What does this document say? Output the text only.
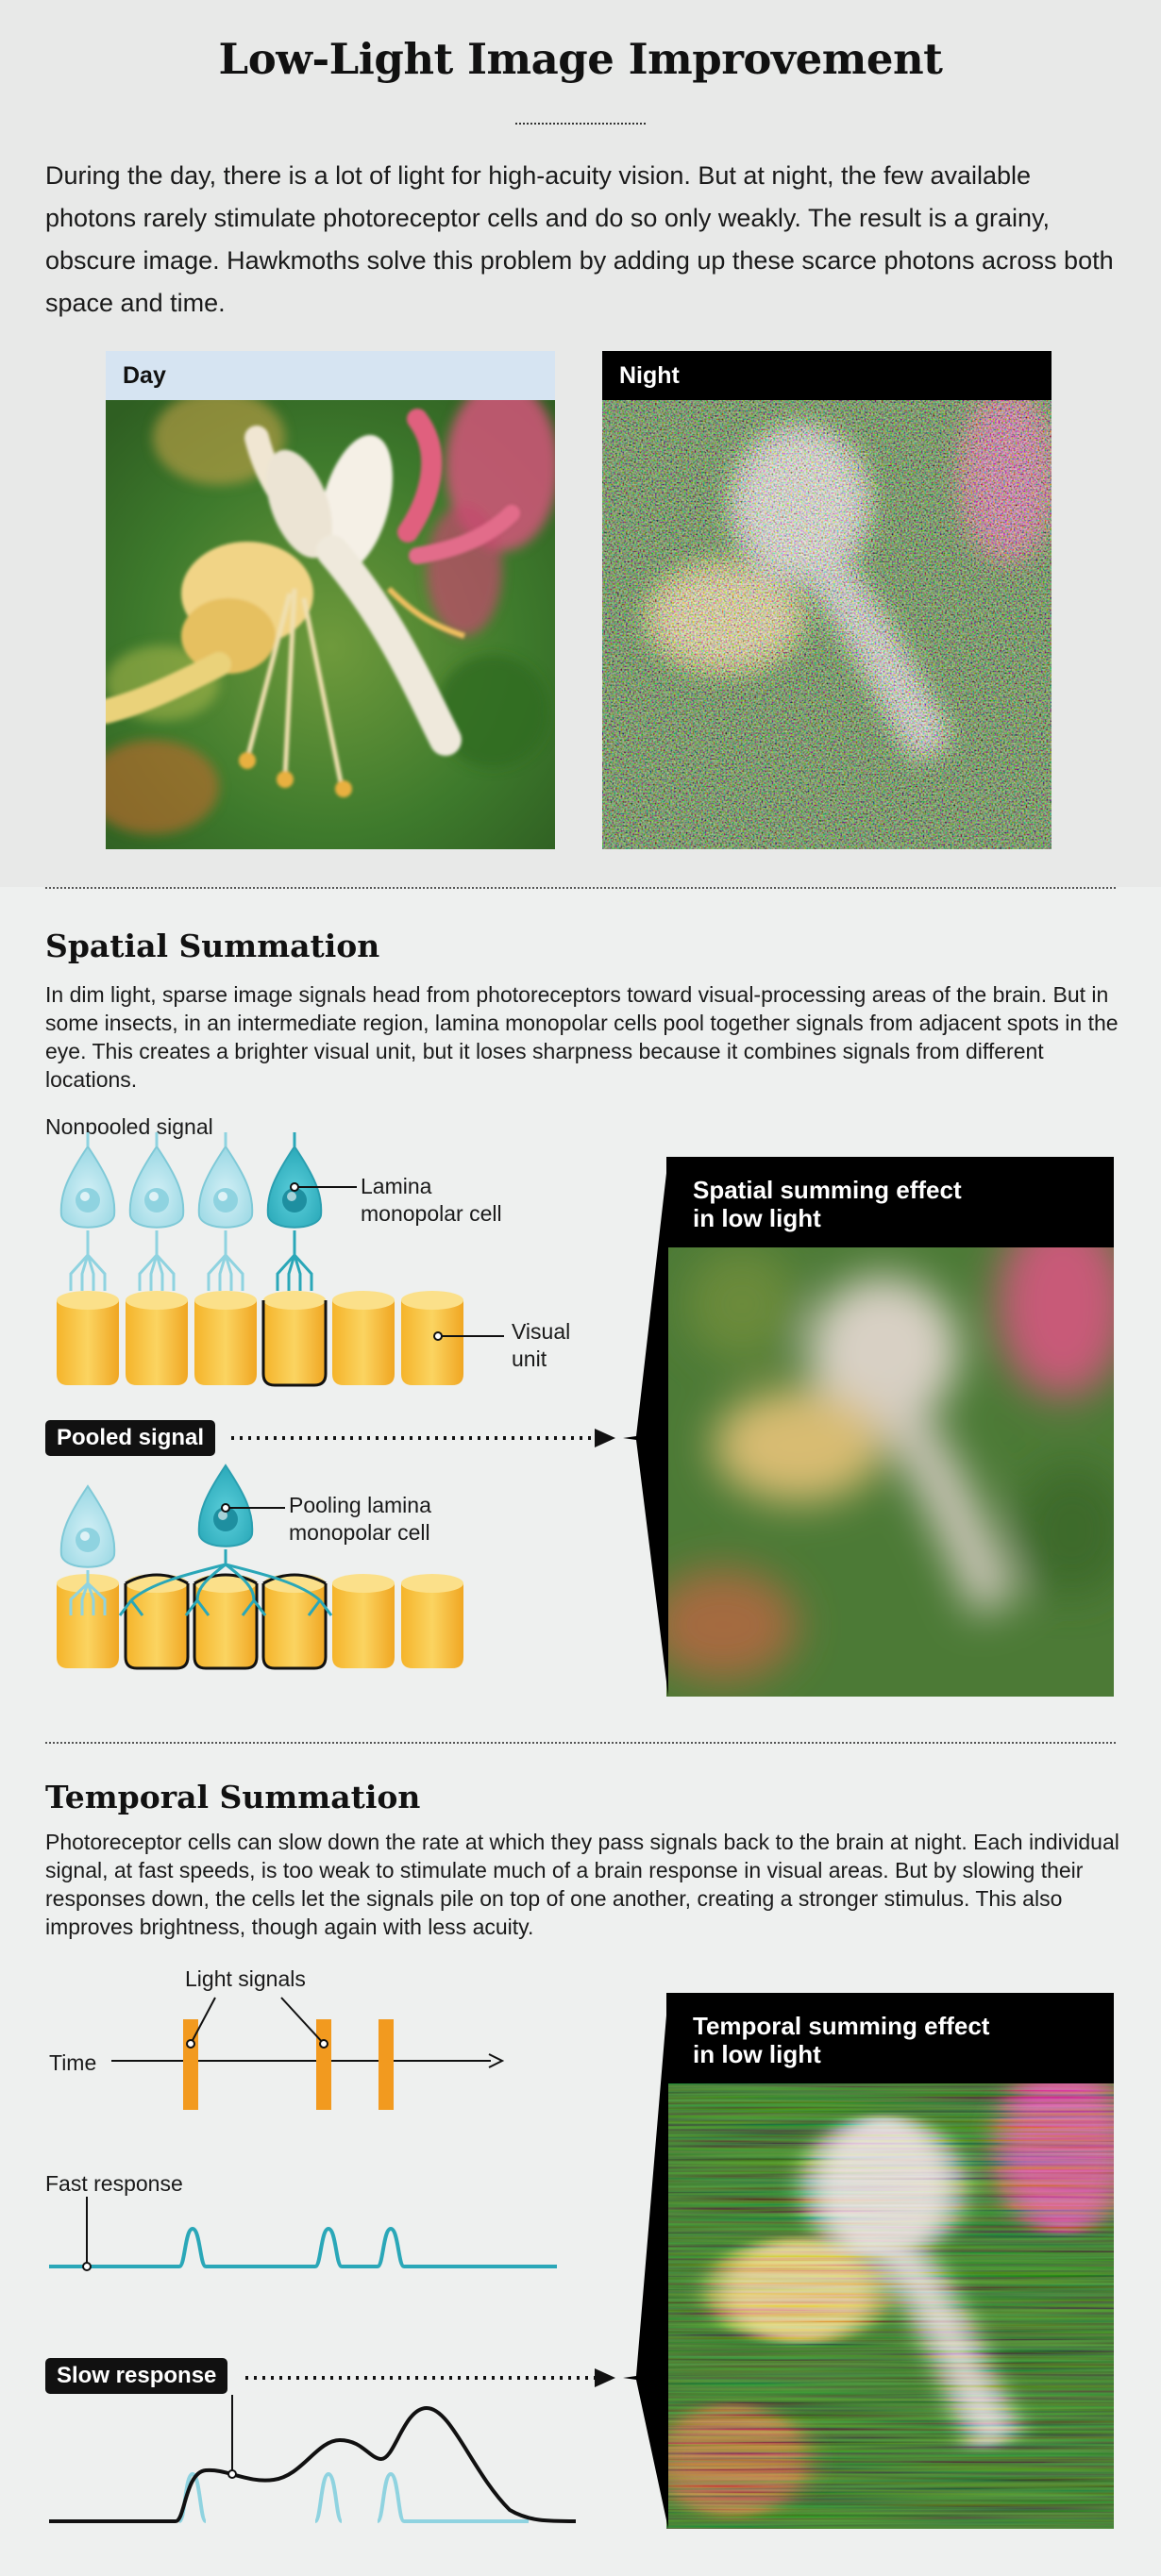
Low-Light Image Improvement
During the day, there is a lot of light for high-acuity vision. But at night, the few available photons rarely stimulate photoreceptor cells and do so only weakly. The result is a grainy, obscure image. Hawkmoths solve this problem by adding up these scarce photons across both space and time.
Day	Night
Spatial Summation
In dim light, sparse image signals head from photoreceptors toward visual-processing areas of the brain. But in some insects, in an intermediate region, lamina monopolar cells pool together signals from adjacent spots in the eye. This creates a brighter visual unit, but it loses sharpness because it combines signals from different locations.
Nonpooled signal
Lamina
monopolar cell
Visual
unit
Pooled signal
Pooling lamina
monopolar cell
Spatial summing effect
in low light
Temporal Summation
Photoreceptor cells can slow down the rate at which they pass signals back to the brain at night. Each individual signal, at fast speeds, is too weak to stimulate much of a brain response in visual areas. But by slowing their responses down, the cells let the signals pile on top of one another, creating a stronger stimulus. This also improves brightness, though again with less acuity.
Light signals
Time
Fast response
Slow response
Temporal summing effect
in low light
